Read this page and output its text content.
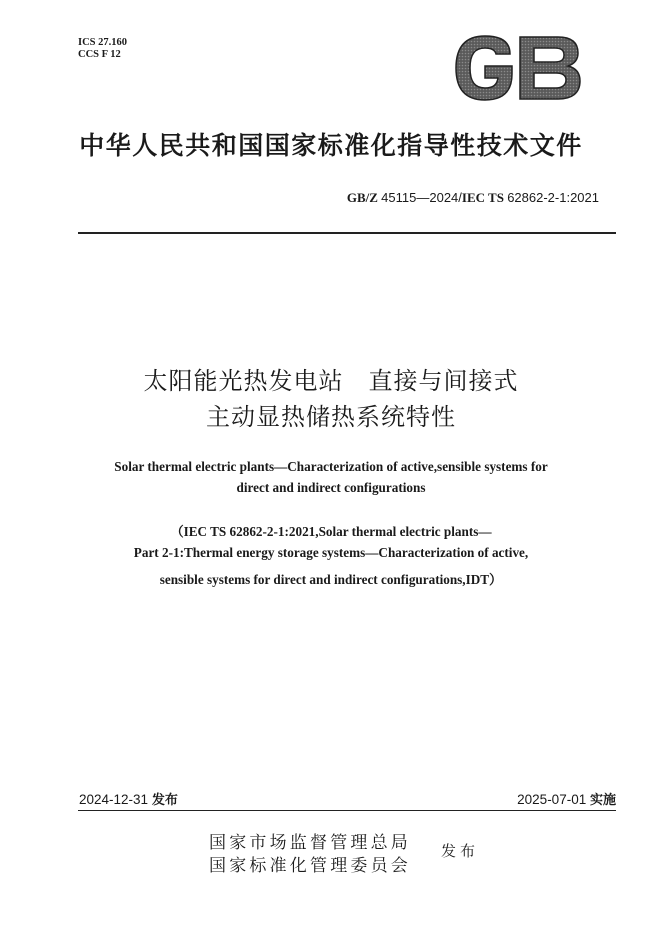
ICS 27.160
CCS F 12
中华人民共和国国家标准化指导性技术文件
GB/Z 45115—2024/IEC TS 62862-2-1:2021
太阳能光热发电站　直接与间接式
主动显热储热系统特性
Solar thermal electric plants—Characterization of active,sensible systems for
direct and indirect configurations
（IEC TS 62862-2-1:2021,Solar thermal electric plants—
Part 2-1:Thermal energy storage systems—Characterization of active,
sensible systems for direct and indirect configurations,IDT）
2024-12-31 发布	2025-07-01 实施
国家市场监督管理总局
国家标准化管理委员会
发布
